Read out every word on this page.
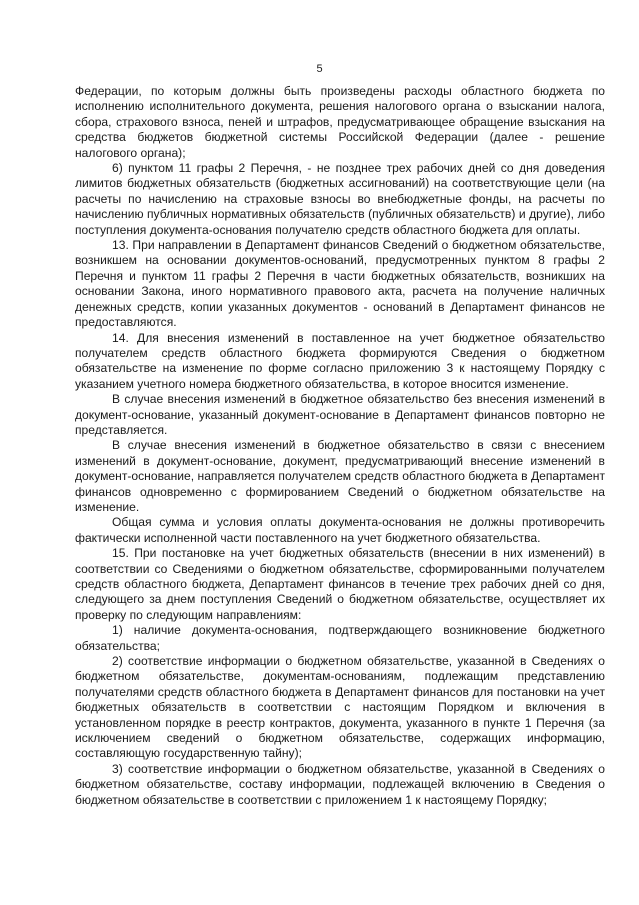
5

Федерации, по которым должны быть произведены расходы областного бюджета по исполнению исполнительного документа, решения налогового органа о взыскании налога, сбора, страхового взноса, пеней и штрафов, предусматривающее обращение взыскания на средства бюджетов бюджетной системы Российской Федерации (далее - решение налогового органа);

6) пунктом 11 графы 2 Перечня, - не позднее трех рабочих дней со дня доведения лимитов бюджетных обязательств (бюджетных ассигнований) на соответствующие цели (на расчеты по начислению на страховые взносы во внебюджетные фонды, на расчеты по начислению публичных нормативных обязательств (публичных обязательств) и другие), либо поступления документа-основания получателю средств областного бюджета для оплаты.

13. При направлении в Департамент финансов Сведений о бюджетном обязательстве, возникшем на основании документов-оснований, предусмотренных пунктом 8 графы 2 Перечня и пунктом 11 графы 2 Перечня в части бюджетных обязательств, возникших на основании Закона, иного нормативного правового акта, расчета на получение наличных денежных средств, копии указанных документов - оснований в Департамент финансов не предоставляются.

14. Для внесения изменений в поставленное на учет бюджетное обязательство получателем средств областного бюджета формируются Сведения о бюджетном обязательстве на изменение по форме согласно приложению 3 к настоящему Порядку с указанием учетного номера бюджетного обязательства, в которое вносится изменение.

В случае внесения изменений в бюджетное обязательство без внесения изменений в документ-основание, указанный документ-основание в Департамент финансов повторно не представляется.

В случае внесения изменений в бюджетное обязательство в связи с внесением изменений в документ-основание, документ, предусматривающий внесение изменений в документ-основание, направляется получателем средств областного бюджета в Департамент финансов одновременно с формированием Сведений о бюджетном обязательстве на изменение.

Общая сумма и условия оплаты документа-основания не должны противоречить фактически исполненной части поставленного на учет бюджетного обязательства.

15. При постановке на учет бюджетных обязательств (внесении в них изменений) в соответствии со Сведениями о бюджетном обязательстве, сформированными получателем средств областного бюджета, Департамент финансов в течение трех рабочих дней со дня, следующего за днем поступления Сведений о бюджетном обязательстве, осуществляет их проверку по следующим направлениям:

1) наличие документа-основания, подтверждающего возникновение бюджетного обязательства;

2) соответствие информации о бюджетном обязательстве, указанной в Сведениях о бюджетном обязательстве, документам-основаниям, подлежащим представлению получателями средств областного бюджета в Департамент финансов для постановки на учет бюджетных обязательств в соответствии с настоящим Порядком и включения в установленном порядке в реестр контрактов, документа, указанного в пункте 1 Перечня (за исключением сведений о бюджетном обязательстве, содержащих информацию, составляющую государственную тайну);

3) соответствие информации о бюджетном обязательстве, указанной в Сведениях о бюджетном обязательстве, составу информации, подлежащей включению в Сведения о бюджетном обязательстве в соответствии с приложением 1 к настоящему Порядку;
